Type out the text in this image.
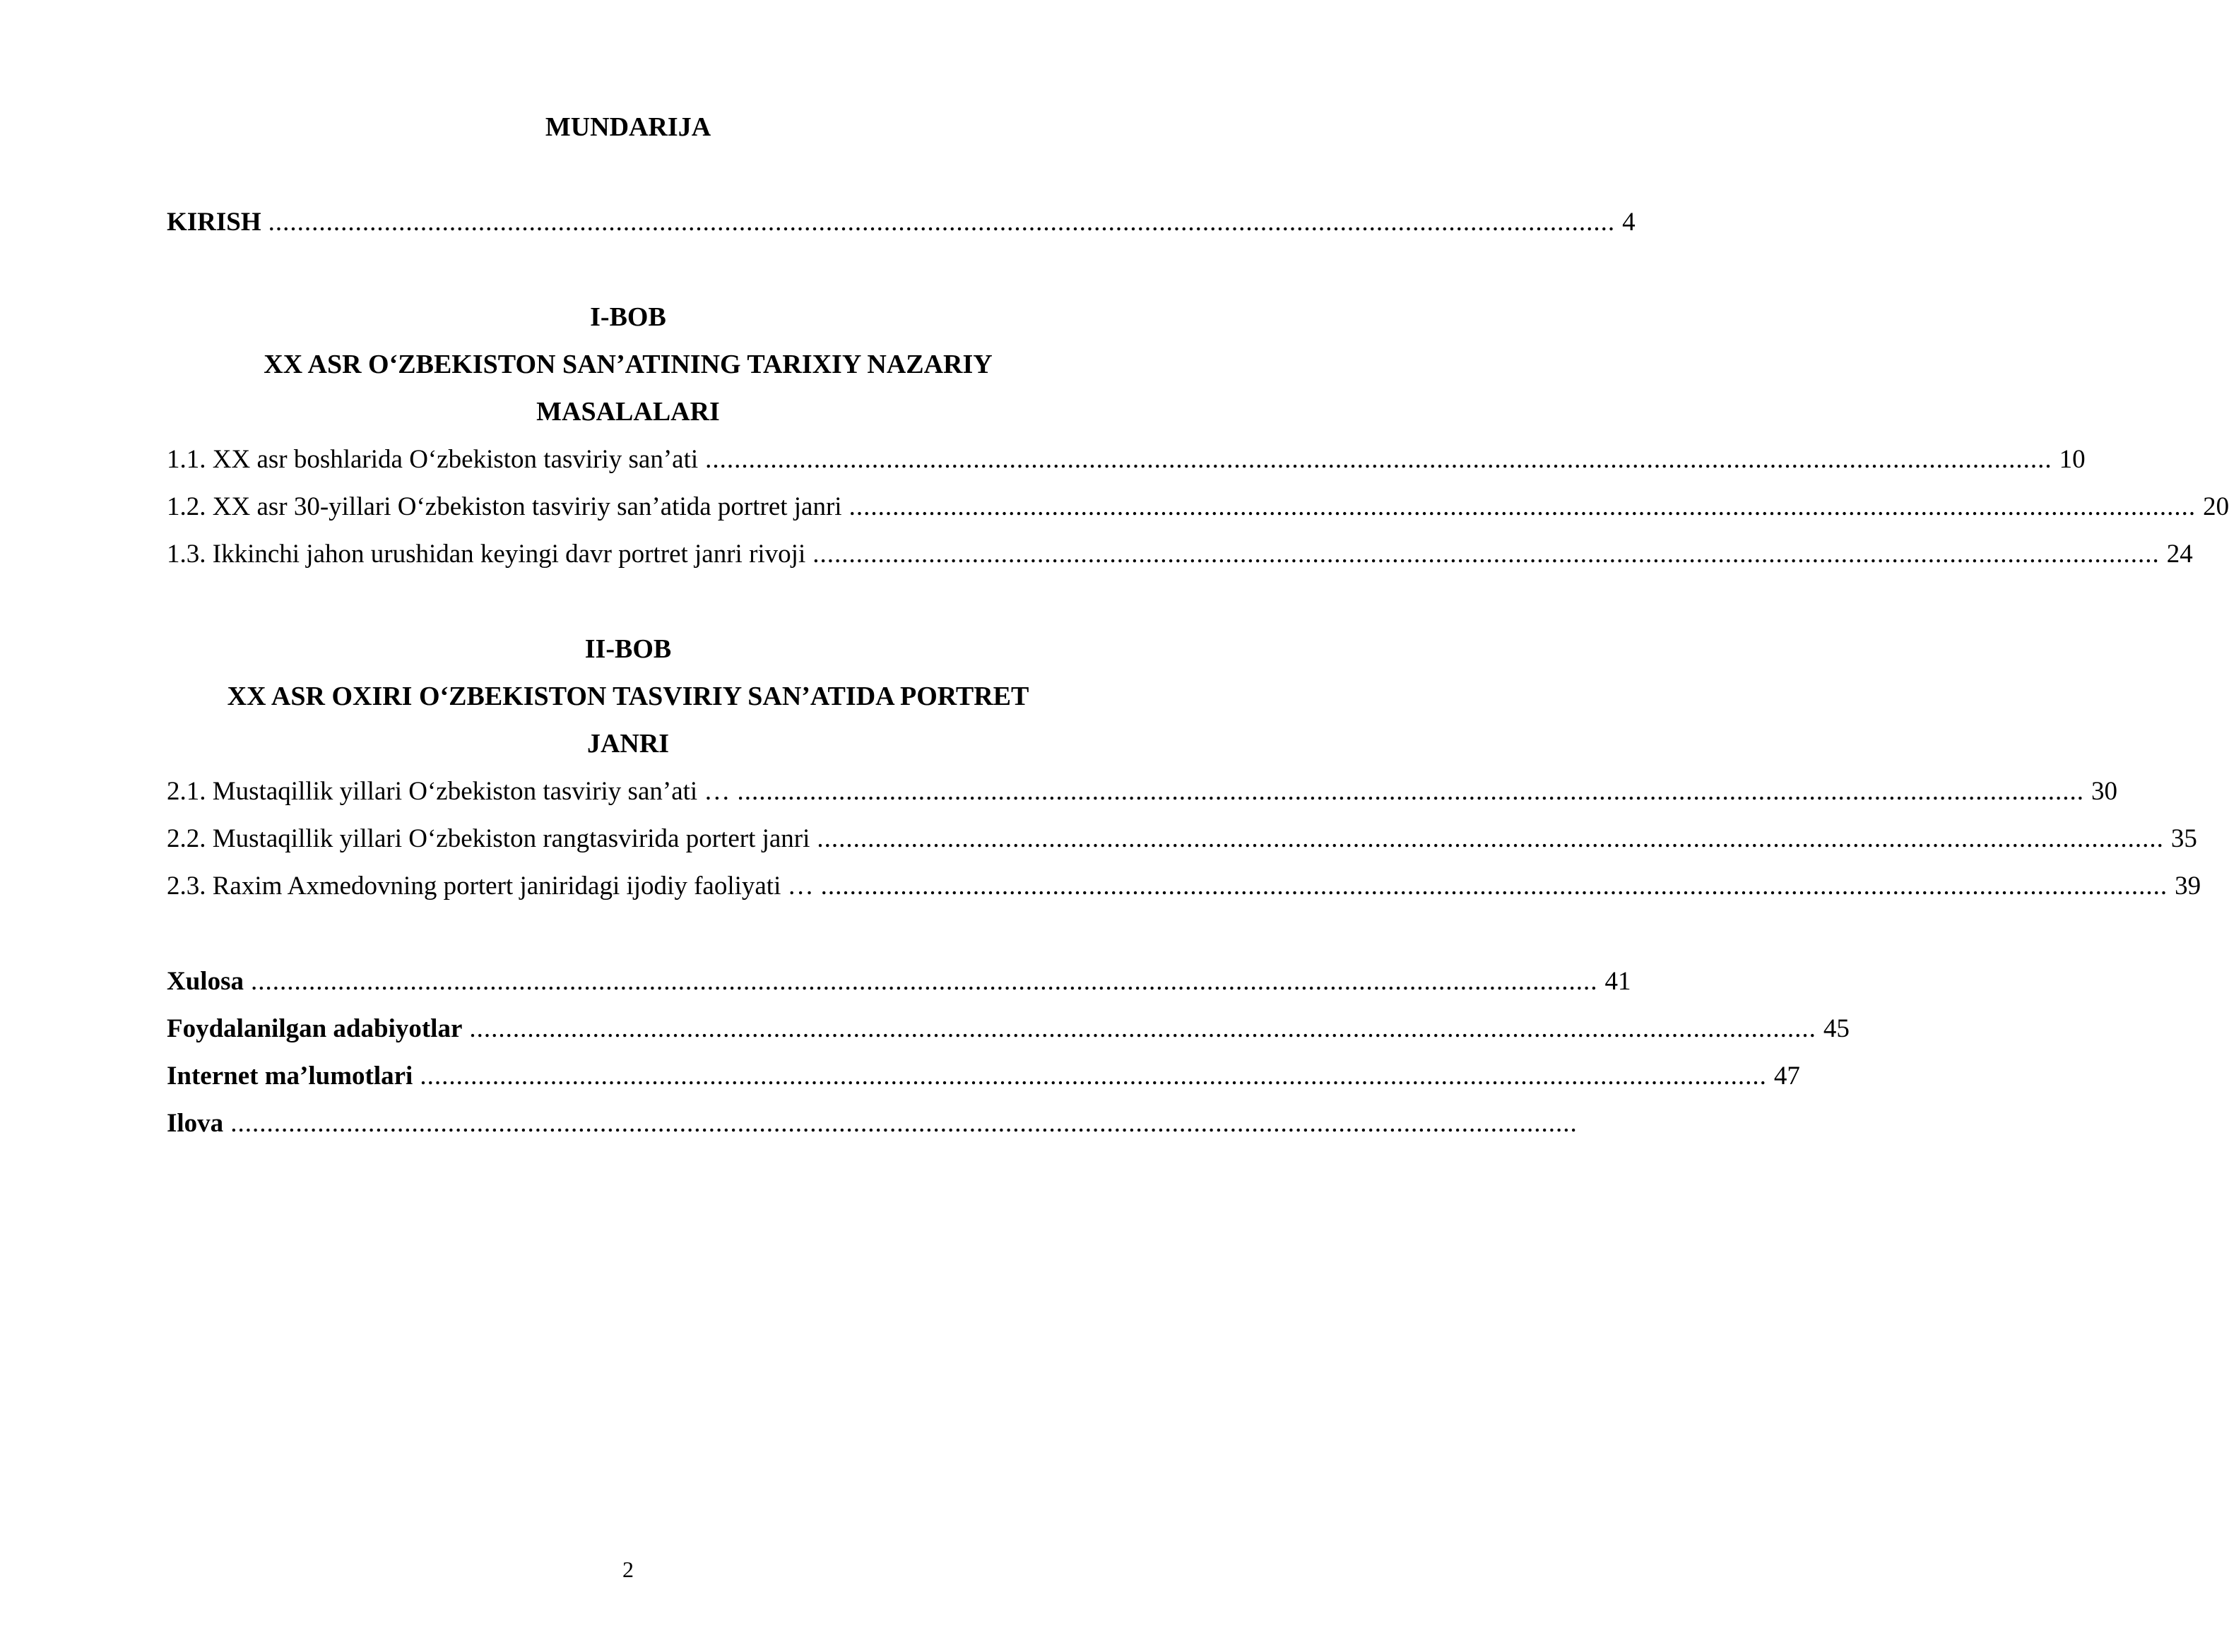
MUNDARIJA
KIRISH .......................................................................................................................................................................................... 4
I-BOB
XX ASR O‘ZBEKISTON SAN’ATINING TARIXIY NAZARIY
MASALALARI
1.1. XX asr boshlarida O‘zbekiston tasviriy san’ati .......................................................................................................................................................................................... 10
1.2. XX asr 30-yillari O‘zbekiston tasviriy san’atida portret janri .......................................................................................................................................................................................... 20
1.3. Ikkinchi jahon urushidan keyingi davr portret janri rivoji .......................................................................................................................................................................................... 24
II-BOB
XX ASR OXIRI O‘ZBEKISTON TASVIRIY SAN’ATIDA PORTRET
JANRI
2.1. Mustaqillik yillari O‘zbekiston tasviriy san’ati … .......................................................................................................................................................................................... 30
2.2. Mustaqillik yillari O‘zbekiston rangtasvirida portert janri .......................................................................................................................................................................................... 35
2.3. Raxim Axmedovning portert janiridagi ijodiy faoliyati … .......................................................................................................................................................................................... 39
Xulosa .......................................................................................................................................................................................... 41
Foydalanilgan adabiyotlar .......................................................................................................................................................................................... 45
Internet ma’lumotlari .......................................................................................................................................................................................... 47
Ilova ..........................................................................................................................................................................................
2
